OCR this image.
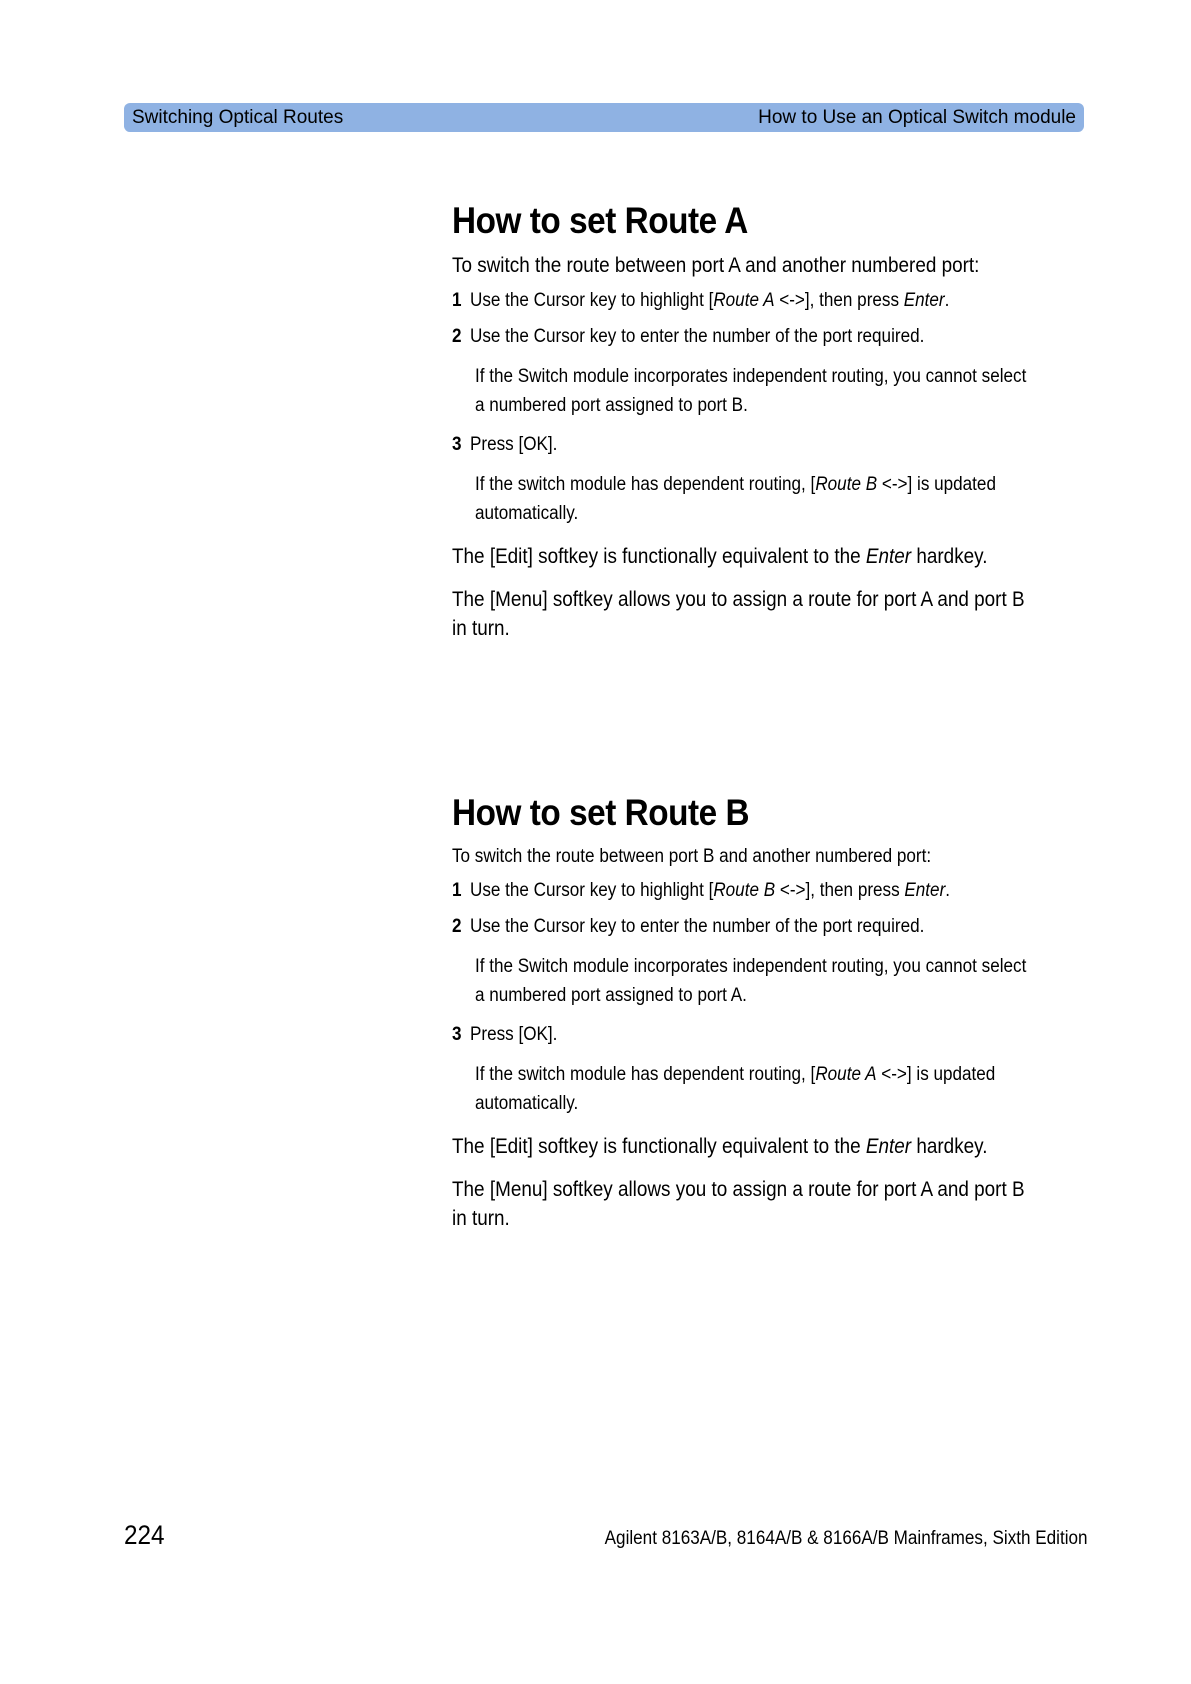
Switching Optical Routes	How to Use an Optical Switch module
How to set Route A

To switch the route between port A and another numbered port:

1 Use the Cursor key to highlight [Route A <->], then press Enter.
2 Use the Cursor key to enter the number of the port required.

If the Switch module incorporates independent routing, you cannot select a numbered port assigned to port B.

3 Press [OK].

If the switch module has dependent routing, [Route B <->] is updated automatically.

The [Edit] softkey is functionally equivalent to the Enter hardkey.

The [Menu] softkey allows you to assign a route for port A and port B in turn.

How to set Route B

To switch the route between port B and another numbered port:

1 Use the Cursor key to highlight [Route B <->], then press Enter.
2 Use the Cursor key to enter the number of the port required.

If the Switch module incorporates independent routing, you cannot select a numbered port assigned to port A.

3 Press [OK].

If the switch module has dependent routing, [Route A <->] is updated automatically.

The [Edit] softkey is functionally equivalent to the Enter hardkey.

The [Menu] softkey allows you to assign a route for port A and port B in turn.

224	Agilent 8163A/B, 8164A/B & 8166A/B Mainframes, Sixth Edition
